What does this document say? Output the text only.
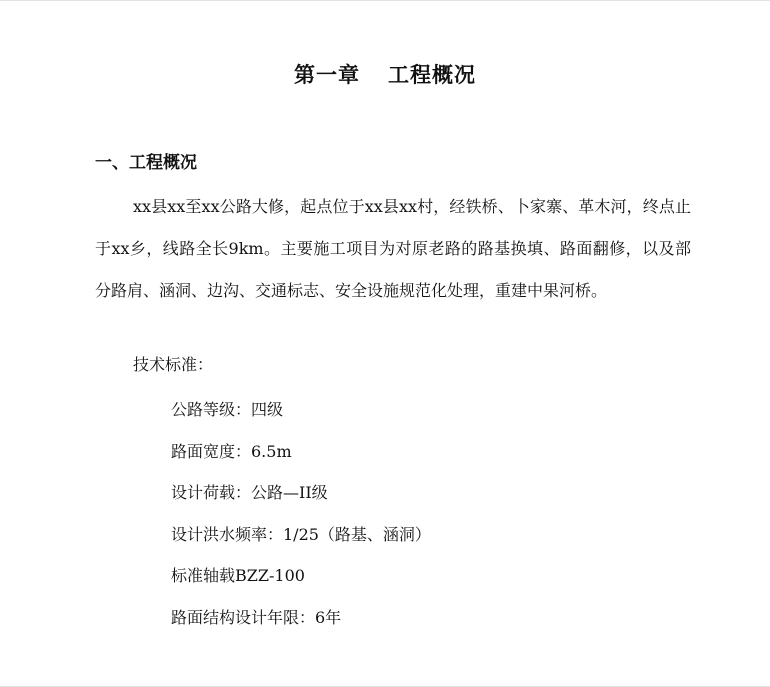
第一章 工程概况
一、工程概况
xx县xx至xx公路大修，起点位于xx县xx村，经铁桥、卜家寨、革木河，终点止于xx乡，线路全长9km。主要施工项目为对原老路的路基换填、路面翻修，以及部分路肩、涵洞、边沟、交通标志、安全设施规范化处理，重建中果河桥。
技术标准：
公路等级：四级
路面宽度：6.5m
设计荷载：公路—II级
设计洪水频率：1/25（路基、涵洞）
标准轴载BZZ-100
路面结构设计年限：6年
